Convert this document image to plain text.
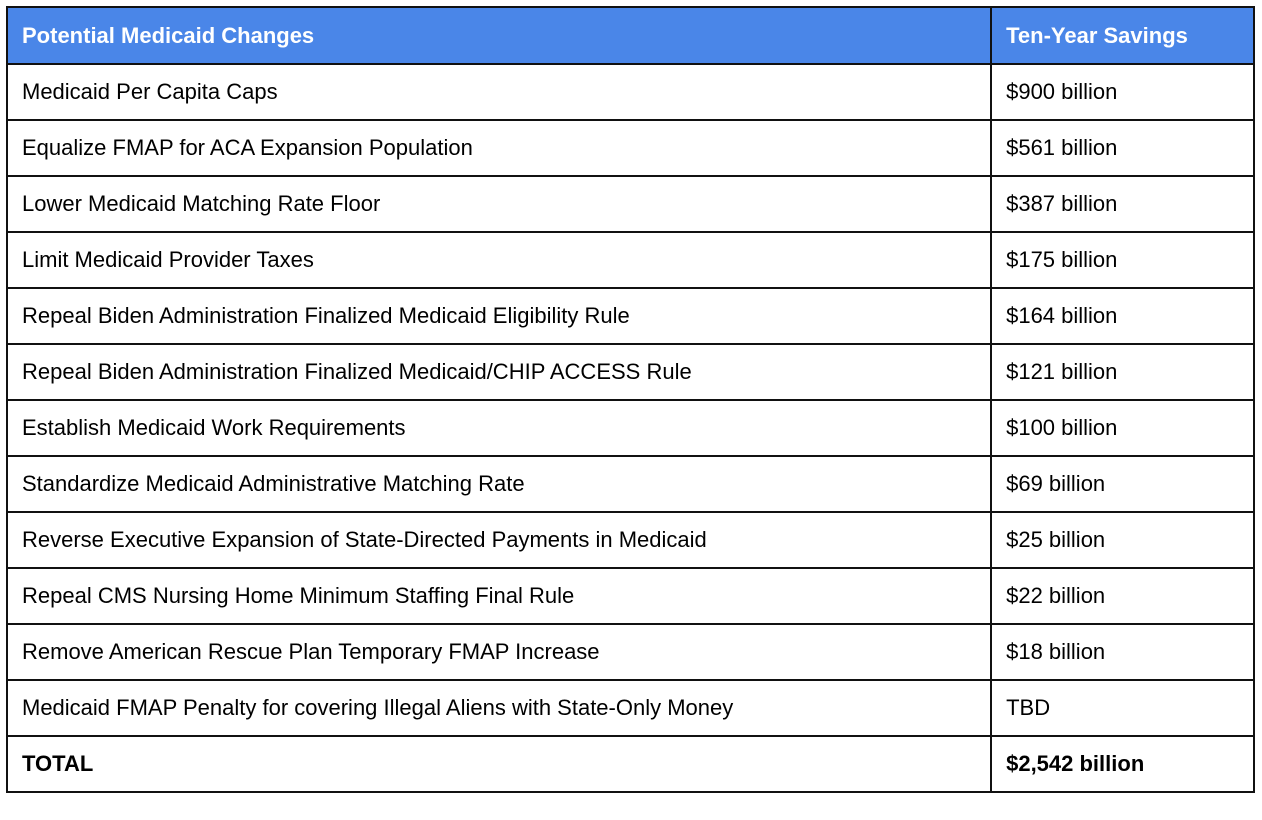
Potential Medicaid Changes	Ten-Year Savings
Medicaid Per Capita Caps	$900 billion
Equalize FMAP for ACA Expansion Population	$561 billion
Lower Medicaid Matching Rate Floor	$387 billion
Limit Medicaid Provider Taxes	$175 billion
Repeal Biden Administration Finalized Medicaid Eligibility Rule	$164 billion
Repeal Biden Administration Finalized Medicaid/CHIP ACCESS Rule	$121 billion
Establish Medicaid Work Requirements	$100 billion
Standardize Medicaid Administrative Matching Rate	$69 billion
Reverse Executive Expansion of State-Directed Payments in Medicaid	$25 billion
Repeal CMS Nursing Home Minimum Staffing Final Rule	$22 billion
Remove American Rescue Plan Temporary FMAP Increase	$18 billion
Medicaid FMAP Penalty for covering Illegal Aliens with State-Only Money	TBD
TOTAL	$2,542 billion
